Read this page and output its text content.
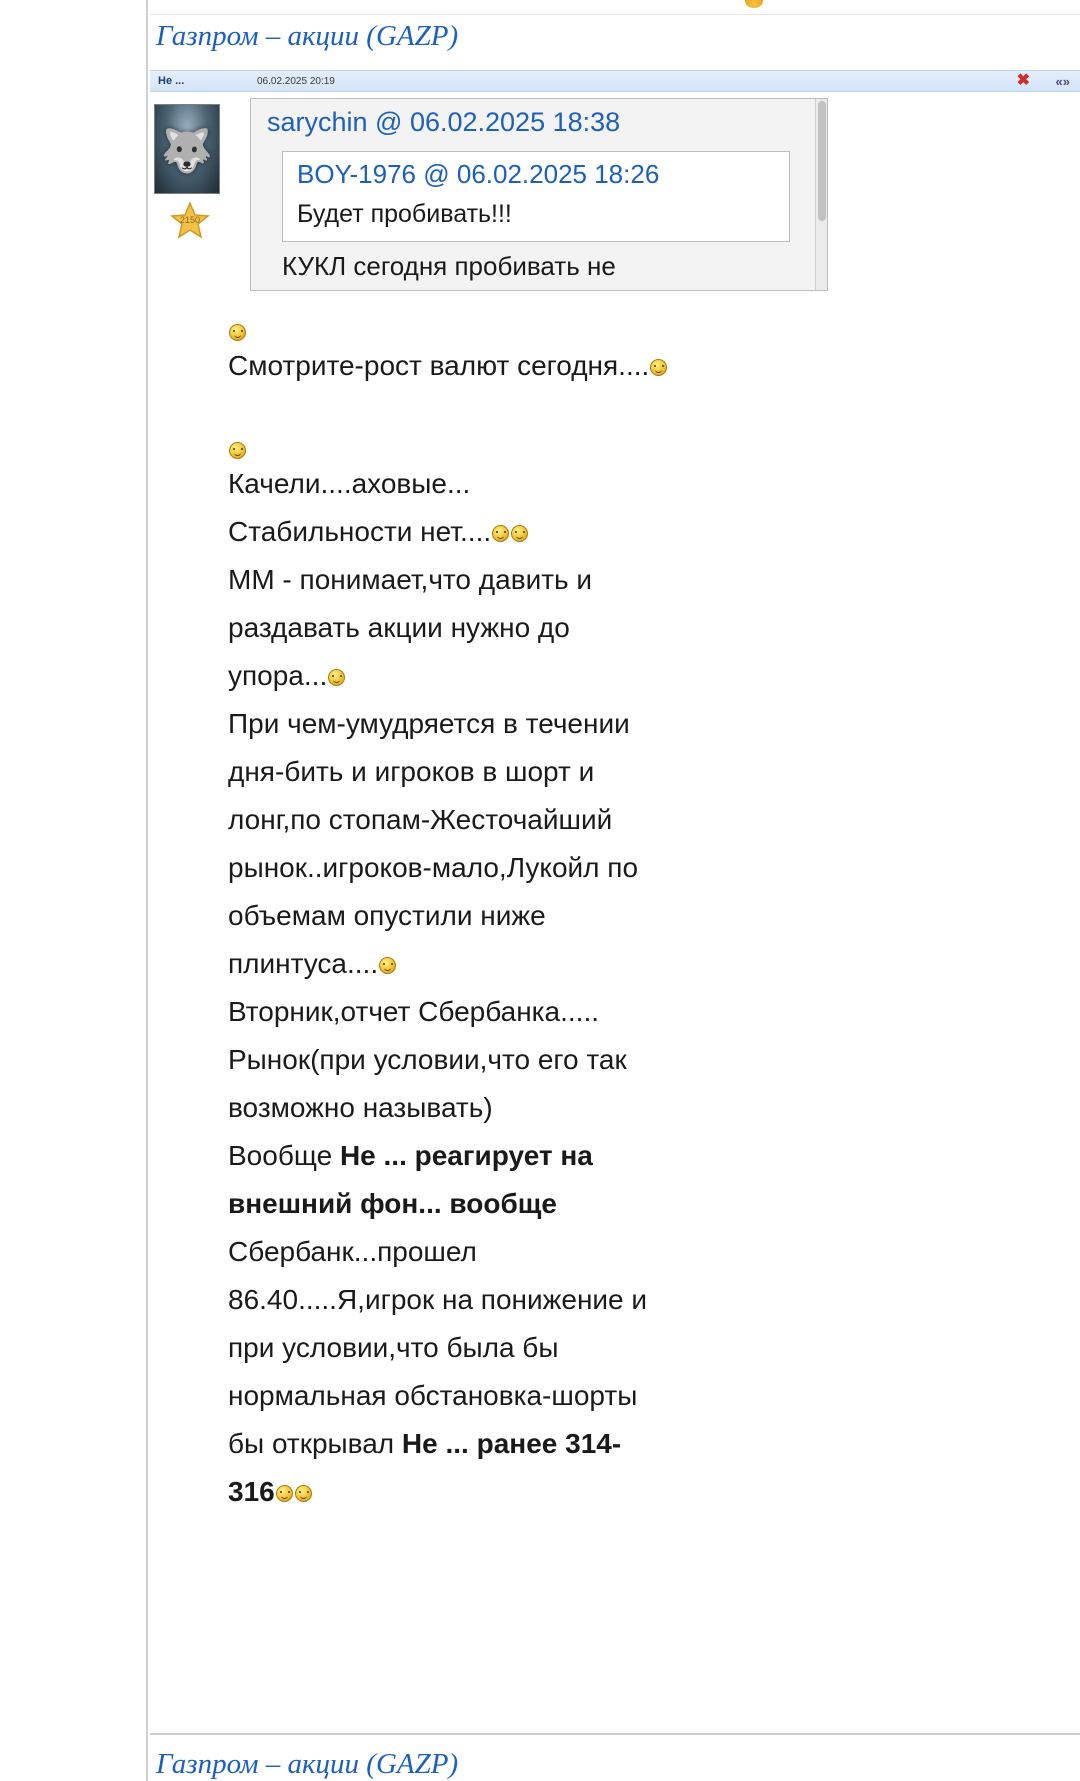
Газпром – акции (GAZP)
Не ...	06.02.2025 20:19	✖ «»
🐺
2150
sarychin @ 06.02.2025 18:38
BOY-1976 @ 06.02.2025 18:26
Будет пробивать!!!
КУКЛ сегодня пробивать не

Смотрите-рост валют сегодня....

Качели....аховые...

Стабильности нет....

ММ - понимает,что давить и

раздавать акции нужно до

упора...

При чем-умудряется в течении

дня-бить и игроков в шорт и

лонг,по стопам-Жесточайший

рынок..игроков-мало,Лукойл по

объемам опустили ниже

плинтуса....

Вторник,отчет Сбербанка.....

Рынок(при условии,что его так

возможно называть)

Вообще Не ... реагирует на

внешний фон... вообще

Сбербанк...прошел

86.40.....Я,игрок на понижение и

при условии,что была бы

нормальная обстановка-шорты

бы открывал Не ... ранее 314-

316

Газпром – акции (GAZP)
